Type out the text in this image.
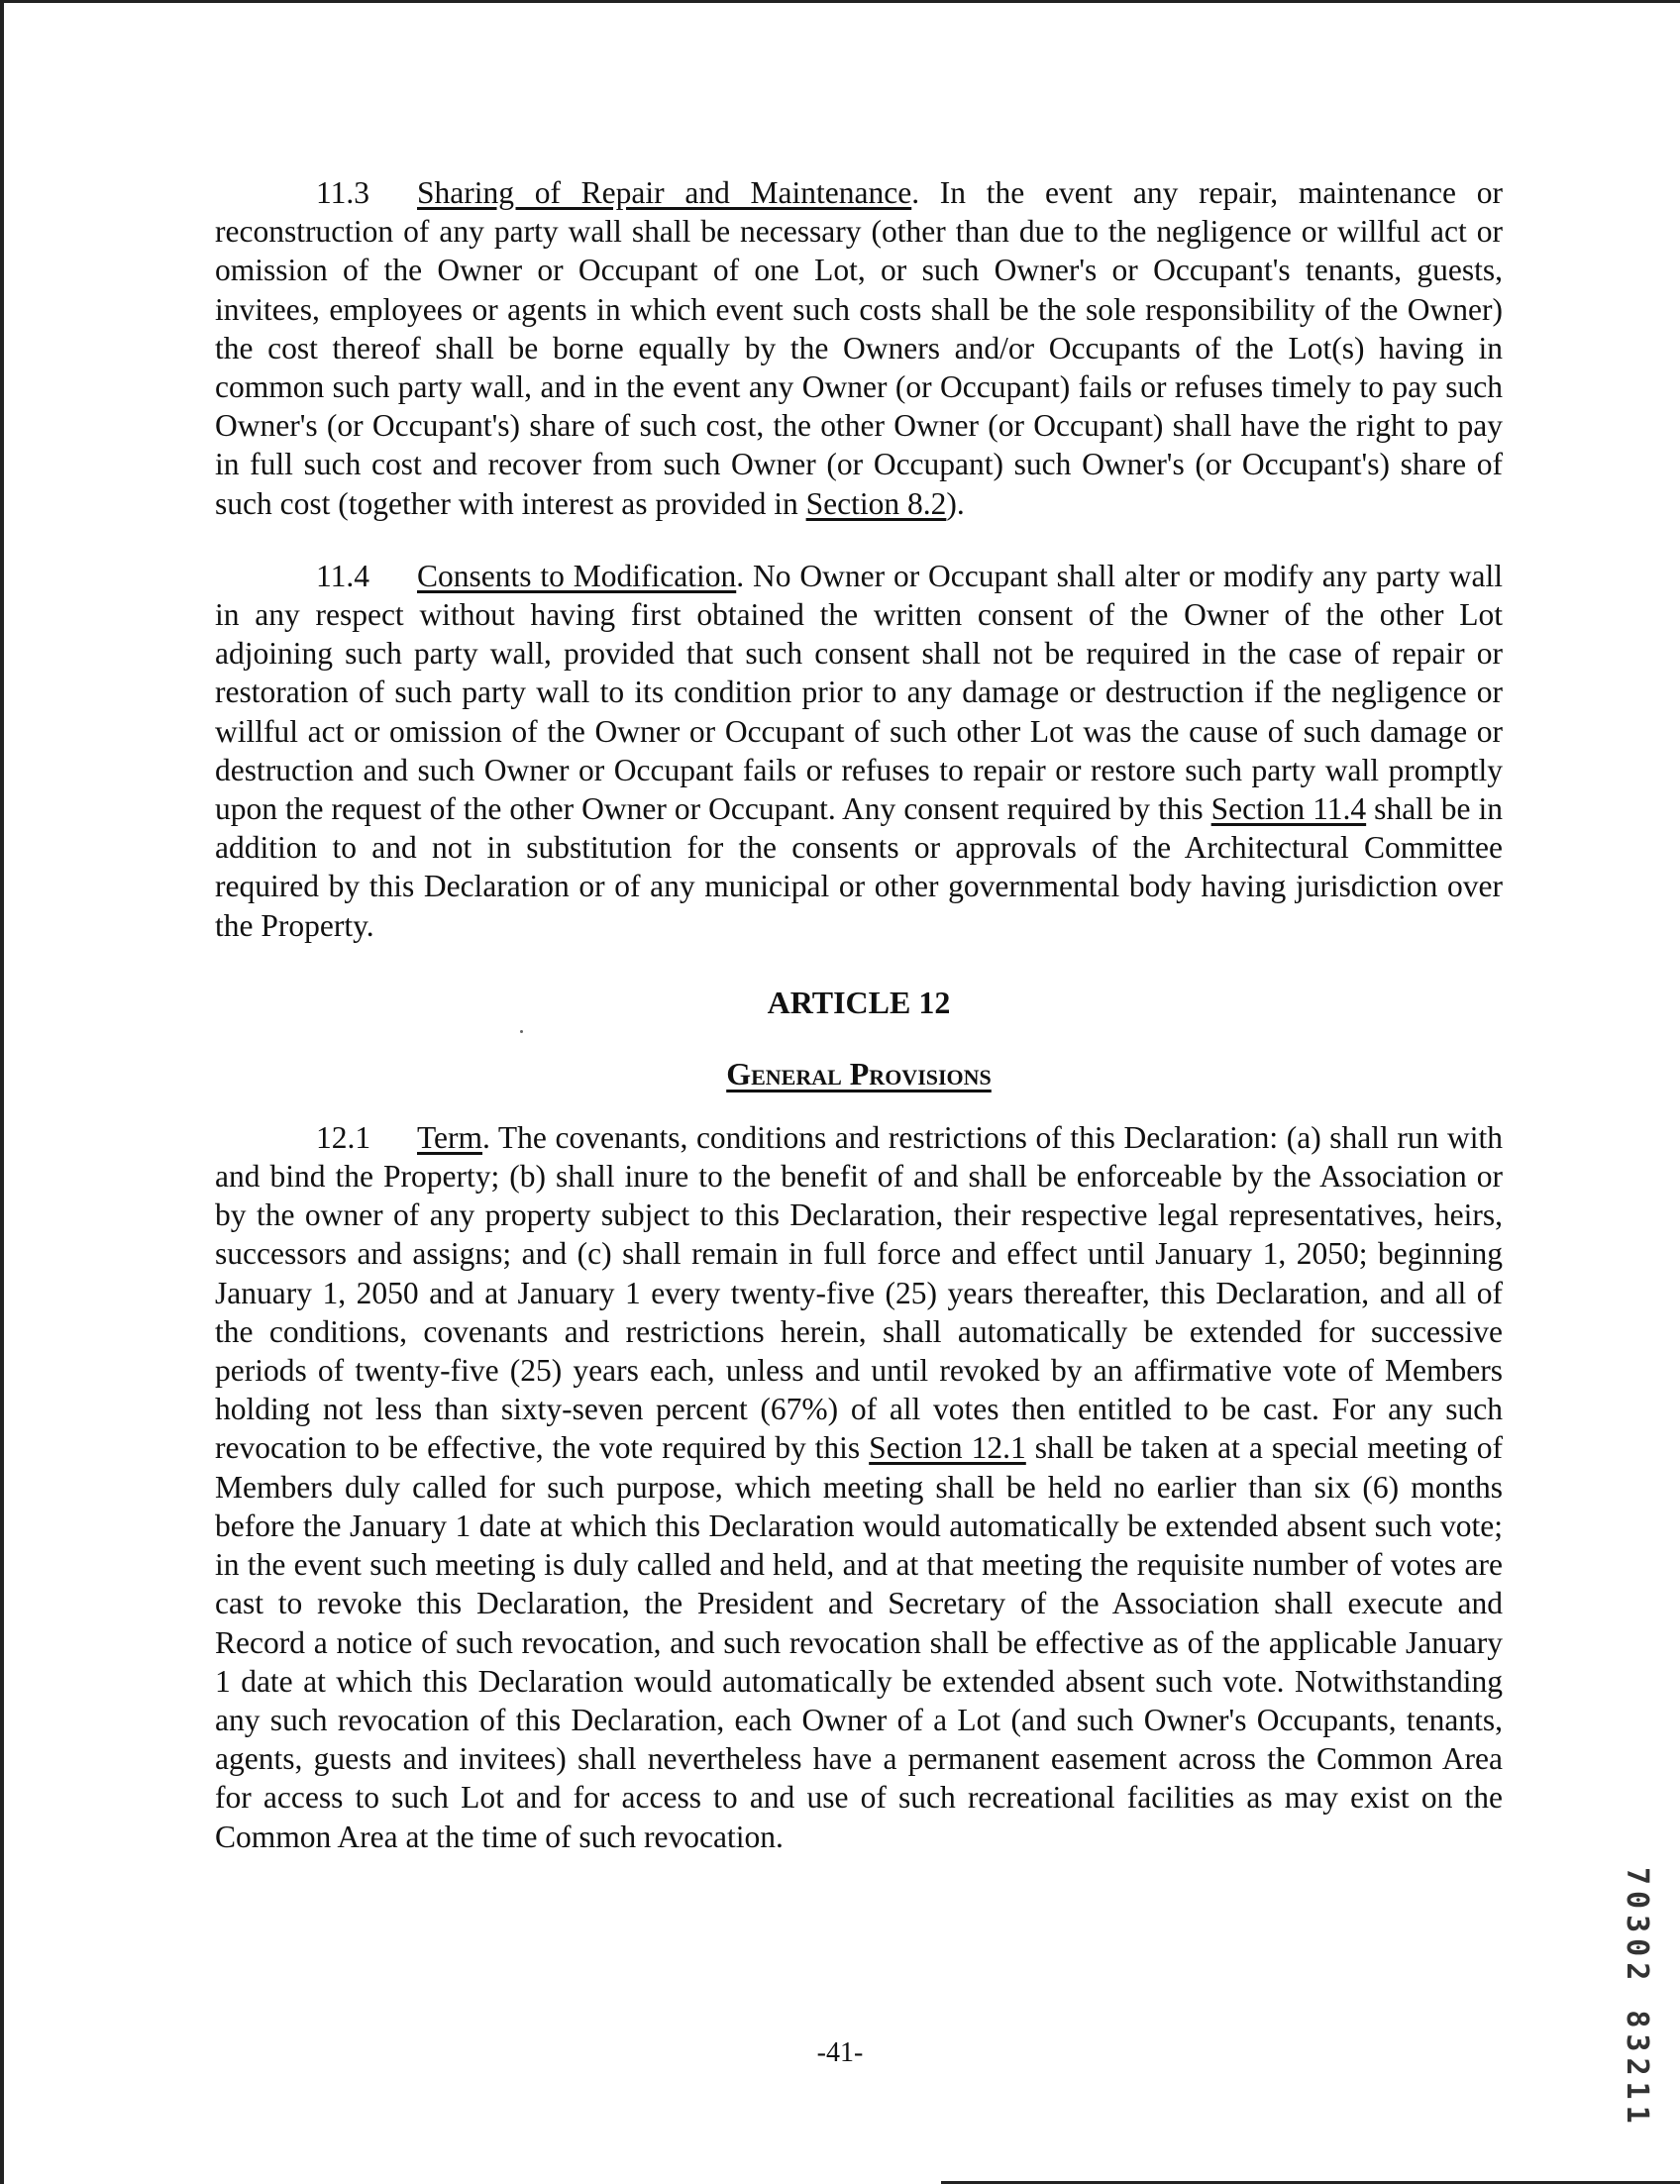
11.3 Sharing of Repair and Maintenance. In the event any repair, maintenance or reconstruction of any party wall shall be necessary (other than due to the negligence or willful act or omission of the Owner or Occupant of one Lot, or such Owner's or Occupant's tenants, guests, invitees, employees or agents in which event such costs shall be the sole responsibility of the Owner) the cost thereof shall be borne equally by the Owners and/or Occupants of the Lot(s) having in common such party wall, and in the event any Owner (or Occupant) fails or refuses timely to pay such Owner's (or Occupant's) share of such cost, the other Owner (or Occupant) shall have the right to pay in full such cost and recover from such Owner (or Occupant) such Owner's (or Occupant's) share of such cost (together with interest as provided in Section 8.2).

11.4 Consents to Modification. No Owner or Occupant shall alter or modify any party wall in any respect without having first obtained the written consent of the Owner of the other Lot adjoining such party wall, provided that such consent shall not be required in the case of repair or restoration of such party wall to its condition prior to any damage or destruction if the negligence or willful act or omission of the Owner or Occupant of such other Lot was the cause of such damage or destruction and such Owner or Occupant fails or refuses to repair or restore such party wall promptly upon the request of the other Owner or Occupant. Any consent required by this Section 11.4 shall be in addition to and not in substitution for the consents or approvals of the Architectural Committee required by this Declaration or of any municipal or other governmental body having jurisdiction over the Property.

ARTICLE 12

General Provisions

12.1 Term. The covenants, conditions and restrictions of this Declaration: (a) shall run with and bind the Property; (b) shall inure to the benefit of and shall be enforceable by the Association or by the owner of any property subject to this Declaration, their respective legal representatives, heirs, successors and assigns; and (c) shall remain in full force and effect until January 1, 2050; beginning January 1, 2050 and at January 1 every twenty-five (25) years thereafter, this Declaration, and all of the conditions, covenants and restrictions herein, shall automatically be extended for successive periods of twenty-five (25) years each, unless and until revoked by an affirmative vote of Members holding not less than sixty-seven percent (67%) of all votes then entitled to be cast. For any such revocation to be effective, the vote required by this Section 12.1 shall be taken at a special meeting of Members duly called for such purpose, which meeting shall be held no earlier than six (6) months before the January 1 date at which this Declaration would automatically be extended absent such vote; in the event such meeting is duly called and held, and at that meeting the requisite number of votes are cast to revoke this Declaration, the President and Secretary of the Association shall execute and Record a notice of such revocation, and such revocation shall be effective as of the applicable January 1 date at which this Declaration would automatically be extended absent such vote. Notwithstanding any such revocation of this Declaration, each Owner of a Lot (and such Owner's Occupants, tenants, agents, guests and invitees) shall nevertheless have a permanent easement across the Common Area for access to such Lot and for access to and use of such recreational facilities as may exist on the Common Area at the time of such revocation.

-41-	70302 83211
